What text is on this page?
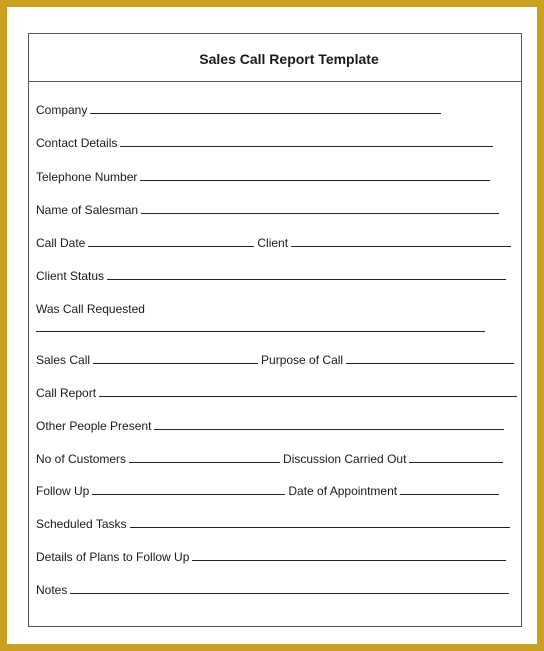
Sales Call Report Template
Company
Contact Details
Telephone Number
Name of Salesman
Call Date	Client
Client Status
Was Call Requested
Sales Call	Purpose of Call
Call Report
Other People Present
No of Customers	Discussion Carried Out
Follow Up	Date of Appointment
Scheduled Tasks
Details of Plans to Follow Up
Notes
